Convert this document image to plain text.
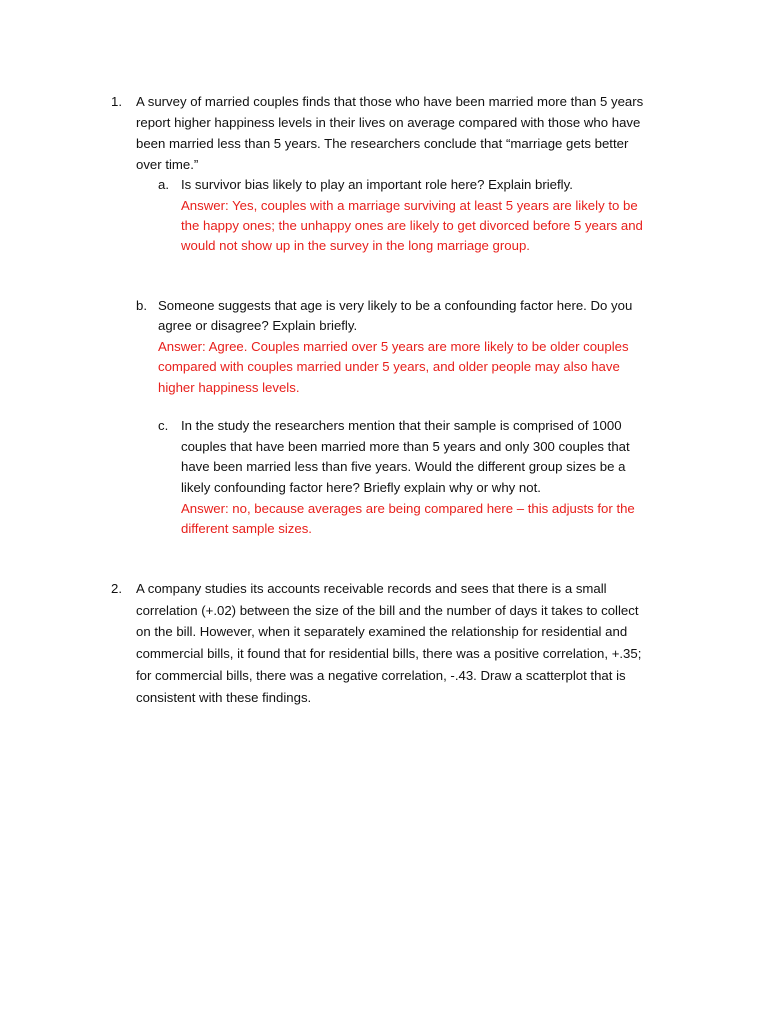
1. A survey of married couples finds that those who have been married more than 5 years
report higher happiness levels in their lives on average compared with those who have
been married less than 5 years. The researchers conclude that “marriage gets better
over time.”
a. Is survivor bias likely to play an important role here? Explain briefly.
Answer: Yes, couples with a marriage surviving at least 5 years are likely to be
the happy ones; the unhappy ones are likely to get divorced before 5 years and
would not show up in the survey in the long marriage group.
b. Someone suggests that age is very likely to be a confounding factor here. Do you
agree or disagree? Explain briefly.
Answer: Agree. Couples married over 5 years are more likely to be older couples
compared with couples married under 5 years, and older people may also have
higher happiness levels.
c. In the study the researchers mention that their sample is comprised of 1000
couples that have been married more than 5 years and only 300 couples that
have been married less than five years. Would the different group sizes be a
likely confounding factor here? Briefly explain why or why not.
Answer: no, because averages are being compared here – this adjusts for the
different sample sizes.
2. A company studies its accounts receivable records and sees that there is a small
correlation (+.02) between the size of the bill and the number of days it takes to collect
on the bill. However, when it separately examined the relationship for residential and
commercial bills, it found that for residential bills, there was a positive correlation, +.35;
for commercial bills, there was a negative correlation, -.43. Draw a scatterplot that is
consistent with these findings.
